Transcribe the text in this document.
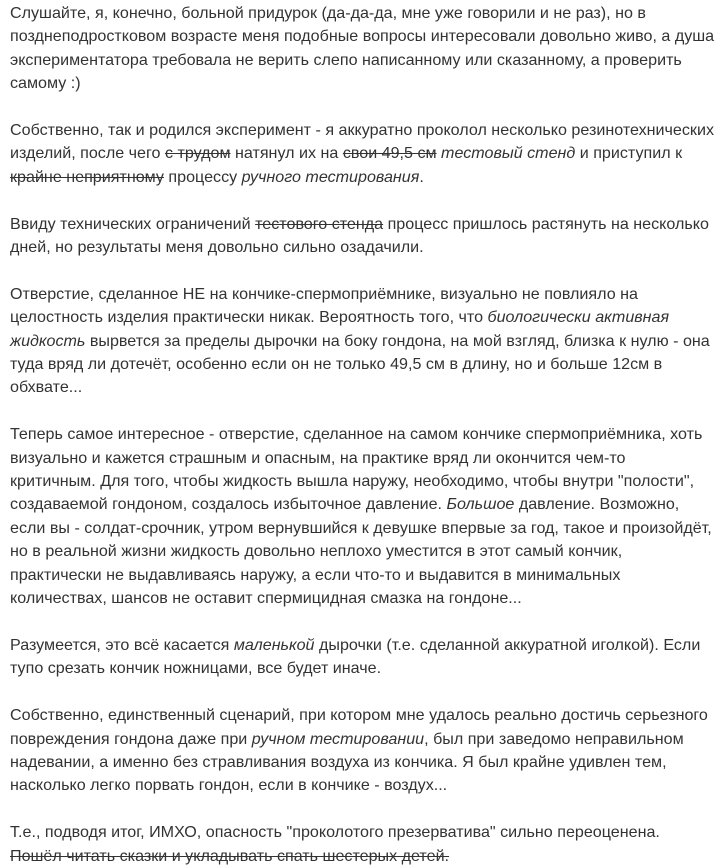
Слушайте, я, конечно, больной придурок (да-да-да, мне уже говорили и не раз), но в позднеподростковом возрасте меня подобные вопросы интересовали довольно живо, а душа экспериментатора требовала не верить слепо написанному или сказанному, а проверить самому :)

Собственно, так и родился эксперимент - я аккуратно проколол несколько резинотехнических изделий, после чего с трудом натянул их на свои 49,5 см тестовый стенд и приступил к крайне неприятному процессу ручного тестирования.

Ввиду технических ограничений тестового стенда процесс пришлось растянуть на несколько дней, но результаты меня довольно сильно озадачили.

Отверстие, сделанное НЕ на кончике-спермоприёмнике, визуально не повлияло на целостность изделия практически никак. Вероятность того, что биологически активная жидкость вырвется за пределы дырочки на боку гондона, на мой взгляд, близка к нулю - она туда вряд ли дотечёт, особенно если он не только 49,5 см в длину, но и больше 12см в обхвате...

Теперь самое интересное - отверстие, сделанное на самом кончике спермоприёмника, хоть визуально и кажется страшным и опасным, на практике вряд ли окончится чем-то критичным. Для того, чтобы жидкость вышла наружу, необходимо, чтобы внутри "полости", создаваемой гондоном, создалось избыточное давление. Большое давление. Возможно, если вы - солдат-срочник, утром вернувшийся к девушке впервые за год, такое и произойдёт, но в реальной жизни жидкость довольно неплохо уместится в этот самый кончик, практически не выдавливаясь наружу, а если что-то и выдавится в минимальных количествах, шансов не оставит спермицидная смазка на гондоне...

Разумеется, это всё касается маленькой дырочки (т.е. сделанной аккуратной иголкой). Если тупо срезать кончик ножницами, все будет иначе.

Собственно, единственный сценарий, при котором мне удалось реально достичь серьезного повреждения гондона даже при ручном тестировании, был при заведомо неправильном надевании, а именно без стравливания воздуха из кончика. Я был крайне удивлен тем, насколько легко порвать гондон, если в кончике - воздух...

Т.е., подводя итог, ИМХО, опасность "проколотого презерватива" сильно переоценена. Пошёл читать сказки и укладывать спать шестерых детей.
